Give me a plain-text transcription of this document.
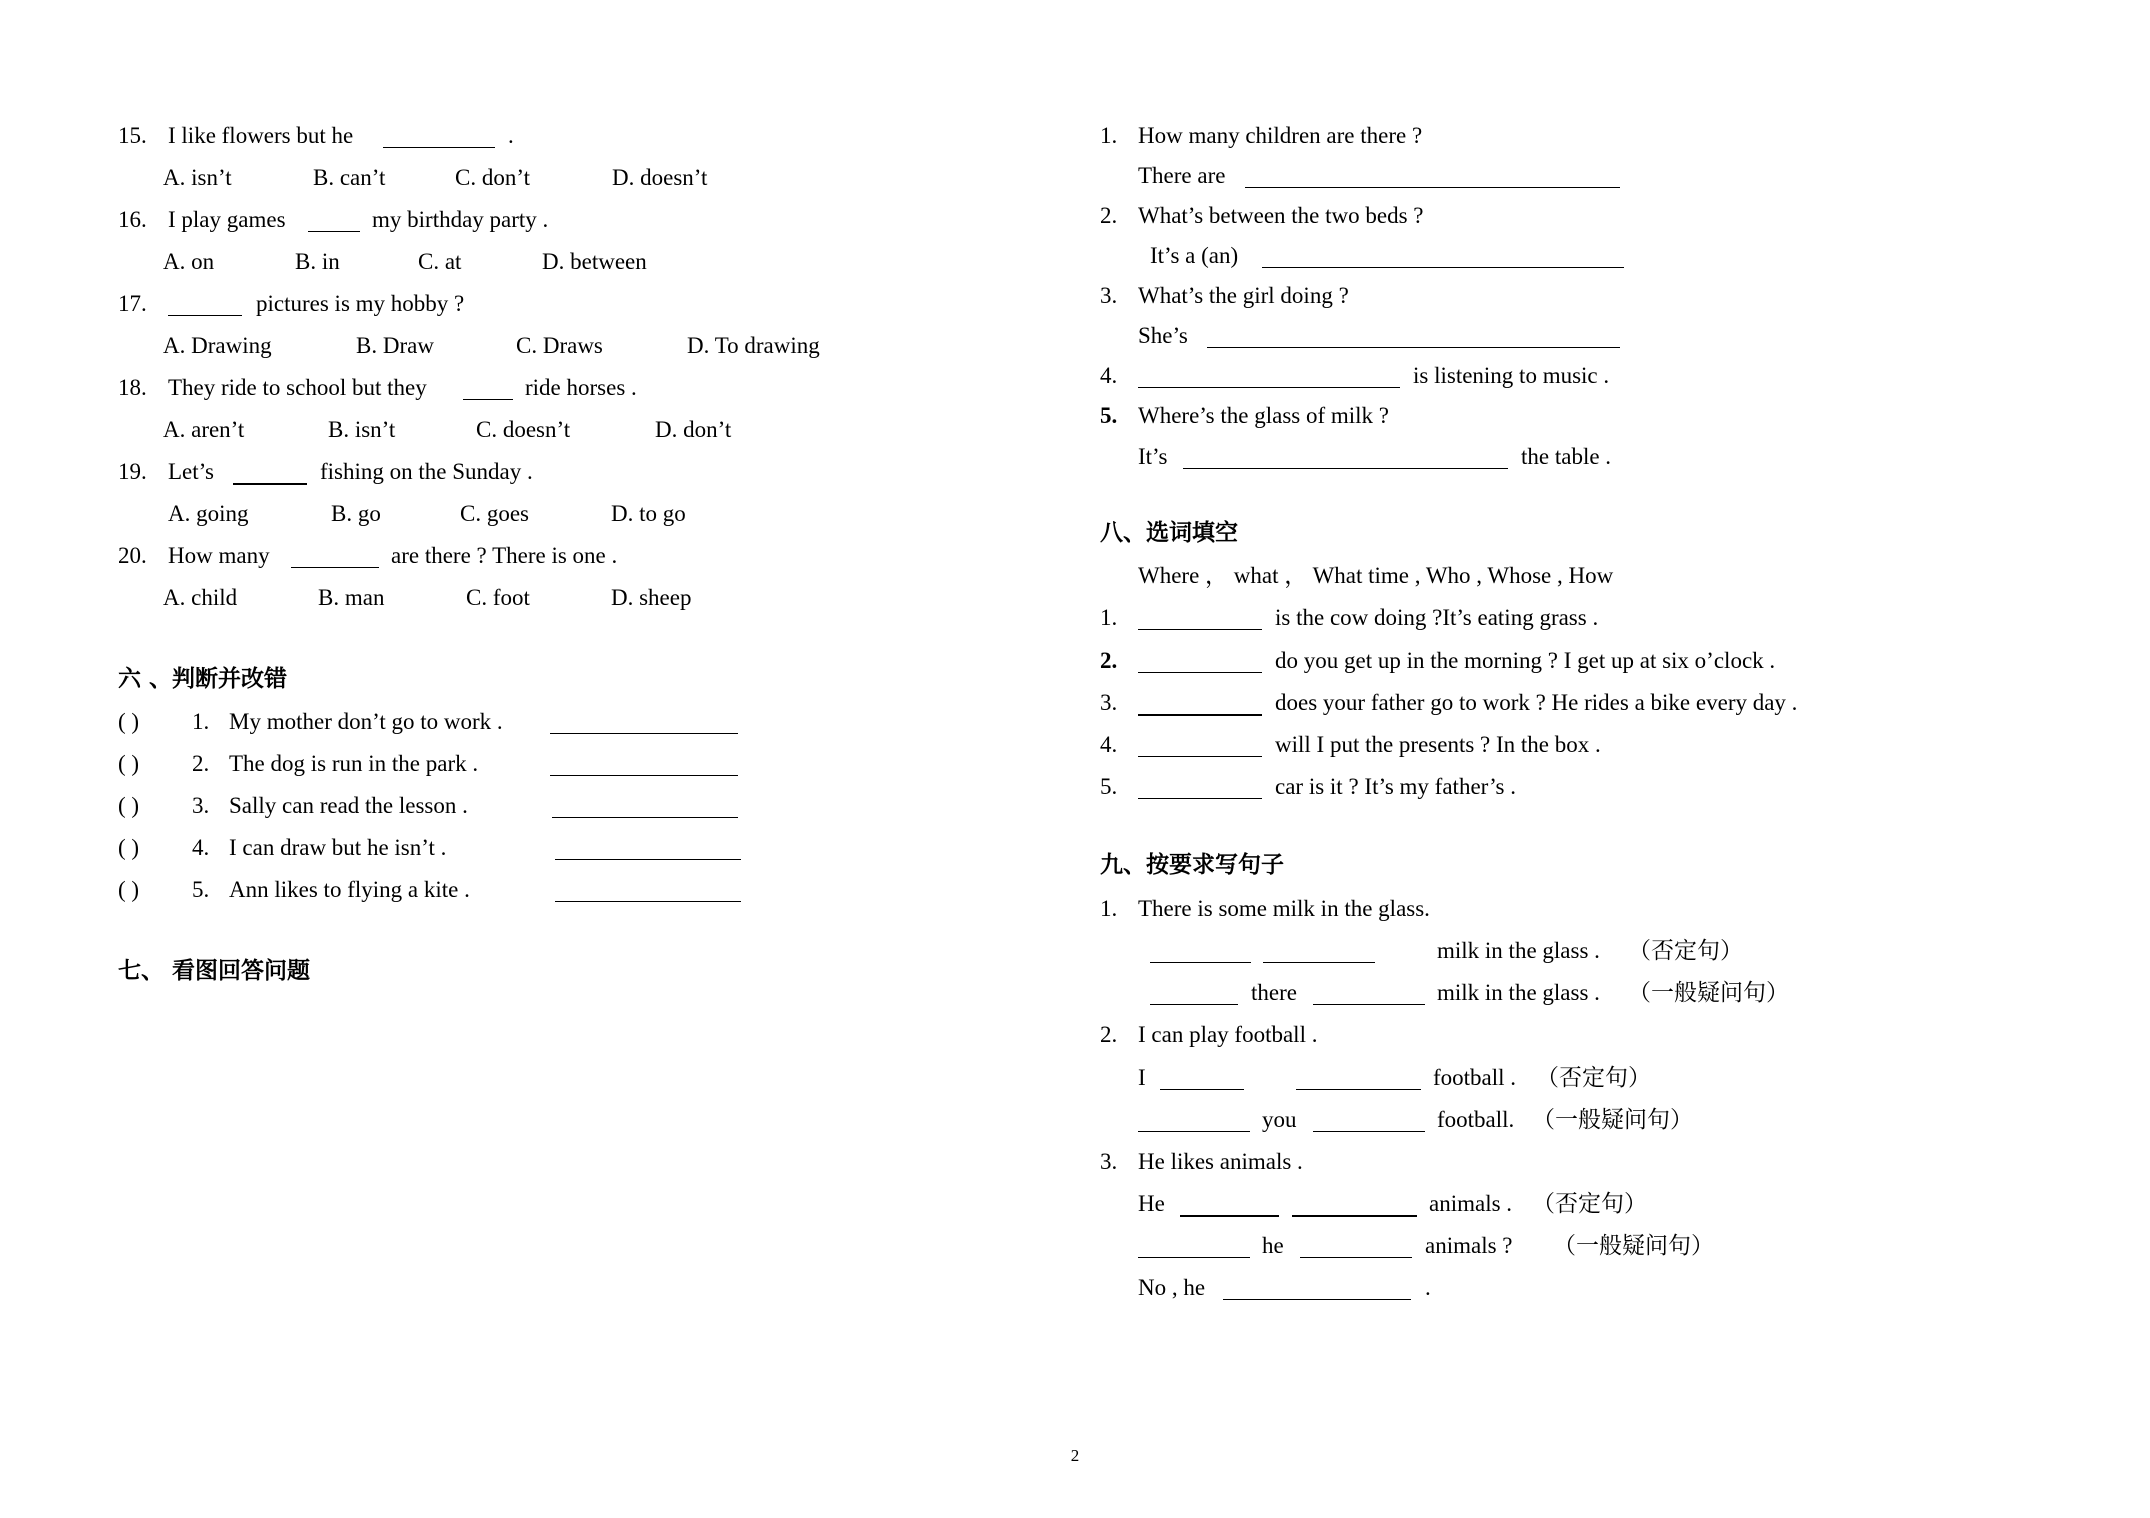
15. I like flowers but he	.
A. isn’t	B. can’t	C. don’t	D. doesn’t
16. I play games	my birthday party .
A. on	B. in	C. at	D. between
17.	pictures is my hobby ?
A. Drawing	B. Draw	C. Draws	D. To drawing
18. They ride to school but they	ride horses .
A. aren’t	B. isn’t	C. doesn’t	D. don’t
19. Let’s	fishing on the Sunday .
A. going	B. go	C. goes	D. to go
20. How many	are there ? There is one .
A. child	B. man	C. foot	D. sheep
六 、判断并改错
( ) 1. My mother don’t go to work .
( ) 2. The dog is run in the park .
( ) 3. Sally can read the lesson .
( ) 4. I can draw but he isn’t .
( ) 5. Ann likes to flying a kite .
七、 看图回答问题
1. How many children are there ?
There are
2. What’s between the two beds ?
It’s a (an)
3. What’s the girl doing ?
She’s
4.	is listening to music .
5. Where’s the glass of milk ?
It’s	the table .
八、选词填空
Where ， what ， What time , Who , Whose , How
1.	is the cow doing ?It’s eating grass .
2.	do you get up in the morning ? I get up at six o’clock .
3.	does your father go to work ? He rides a bike every day .
4.	will I put the presents ? In the box .
5.	car is it ? It’s my father’s .
九、按要求写句子
1. There is some milk in the glass.
milk in the glass . （否定句）
there	milk in the glass . （一般疑问句）
2. I can play football .
I	football . （否定句）
you	football. （一般疑问句）
3. He likes animals .
He	animals . （否定句）
he	animals ? （一般疑问句）
No , he	.
2
